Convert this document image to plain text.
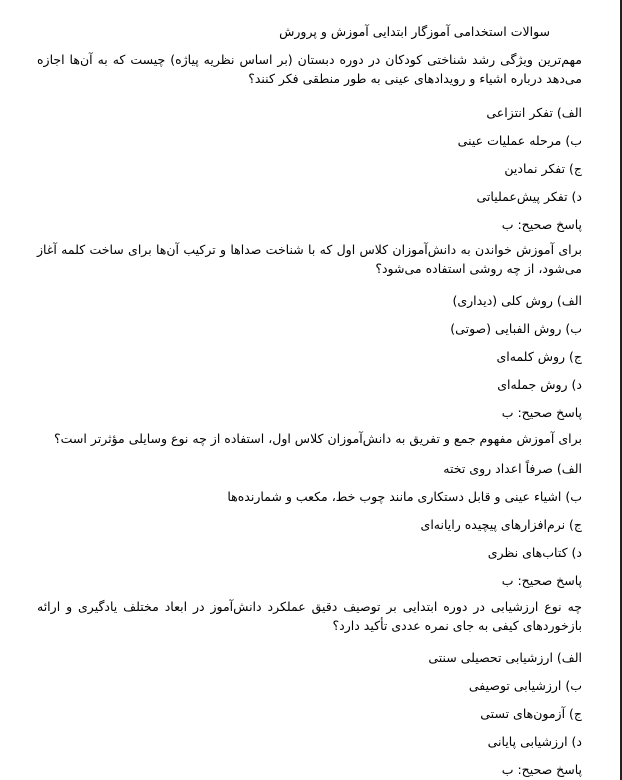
سوالات استخدامی آموزگار ابتدایی آموزش و پرورش

مهم‌ترین ویژگی رشد شناختی کودکان در دوره دبستان (بر اساس نظریه پیاژه) چیست که به آن‌ها اجازه می‌دهد درباره اشیاء و رویدادهای عینی به طور منطقی فکر کنند؟

الف) تفکر انتزاعی
ب) مرحله عملیات عینی
ج) تفکر نمادین
د) تفکر پیش‌عملیاتی
پاسخ صحیح: ب

برای آموزش خواندن به دانش‌آموزان کلاس اول که با شناخت صداها و ترکیب آن‌ها برای ساخت کلمه آغاز می‌شود، از چه روشی استفاده می‌شود؟

الف) روش کلی (دیداری)
ب) روش الفبایی (صوتی)
ج) روش کلمه‌ای
د) روش جمله‌ای
پاسخ صحیح: ب

برای آموزش مفهوم جمع و تفریق به دانش‌آموزان کلاس اول، استفاده از چه نوع وسایلی مؤثرتر است؟

الف) صرفاً اعداد روی تخته
ب) اشیاء عینی و قابل دستکاری مانند چوب خط، مکعب و شمارنده‌ها
ج) نرم‌افزارهای پیچیده رایانه‌ای
د) کتاب‌های نظری
پاسخ صحیح: ب

چه نوع ارزشیابی در دوره ابتدایی بر توصیف دقیق عملکرد دانش‌آموز در ابعاد مختلف یادگیری و ارائه بازخوردهای کیفی به جای نمره عددی تأکید دارد؟

الف) ارزشیابی تحصیلی سنتی
ب) ارزشیابی توصیفی
ج) آزمون‌های تستی
د) ارزشیابی پایانی
پاسخ صحیح: ب
